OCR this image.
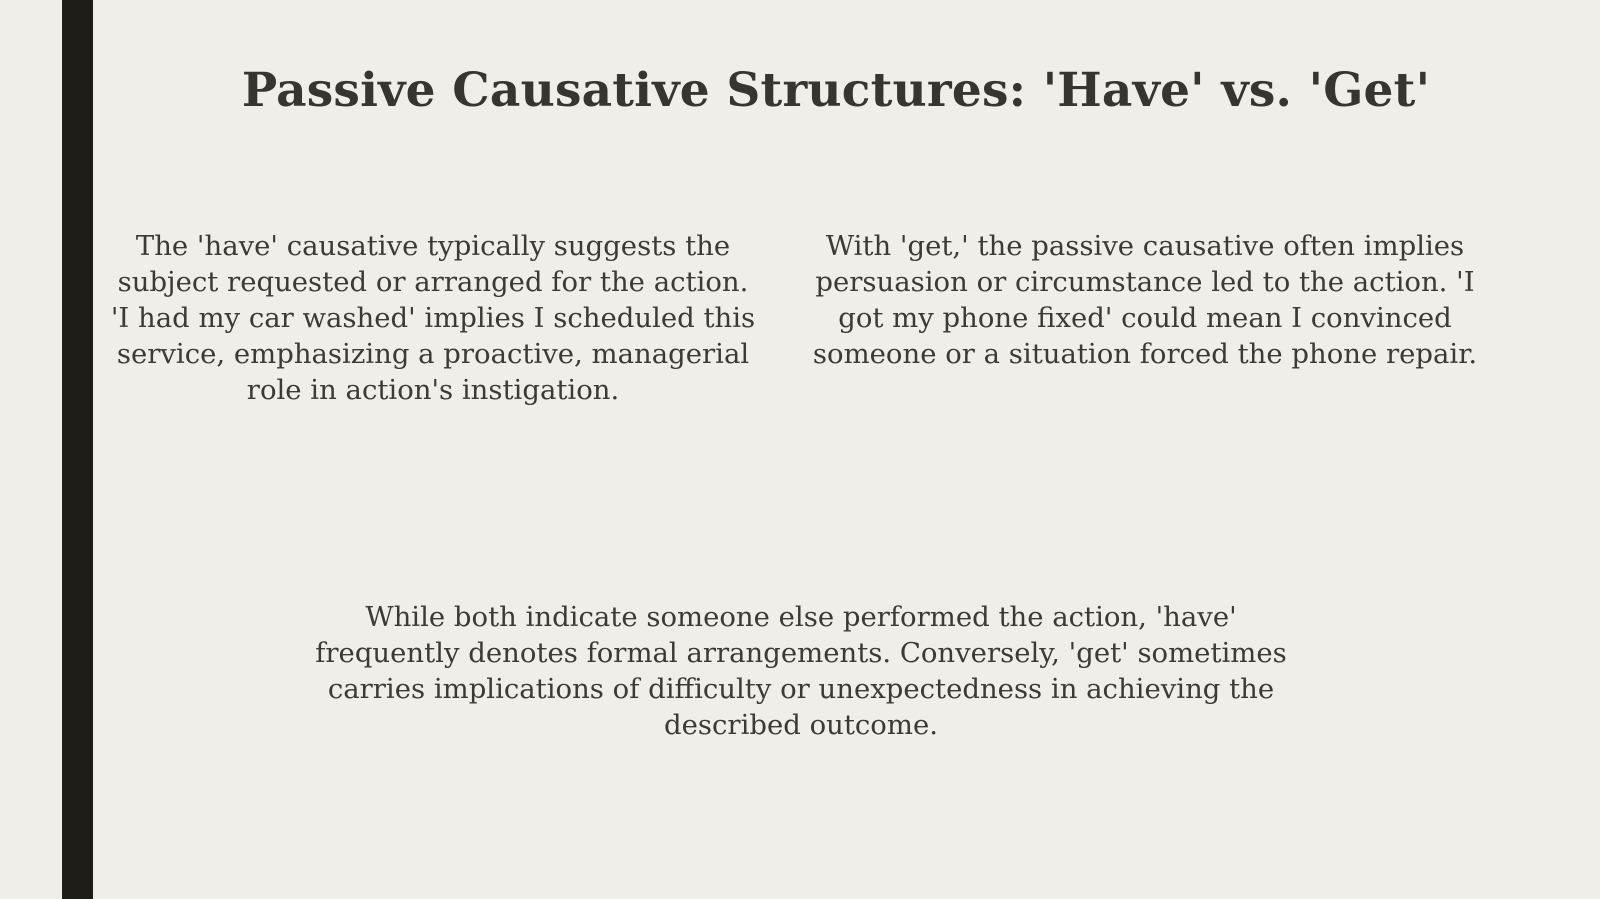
Passive Causative Structures: 'Have' vs. 'Get'

The 'have' causative typically suggests the subject requested or arranged for the action. 'I had my car washed' implies I scheduled this service, emphasizing a proactive, managerial role in action's instigation.

With 'get,' the passive causative often implies persuasion or circumstance led to the action. 'I got my phone fixed' could mean I convinced someone or a situation forced the phone repair.

While both indicate someone else performed the action, 'have' frequently denotes formal arrangements. Conversely, 'get' sometimes carries implications of difficulty or unexpectedness in achieving the described outcome.
